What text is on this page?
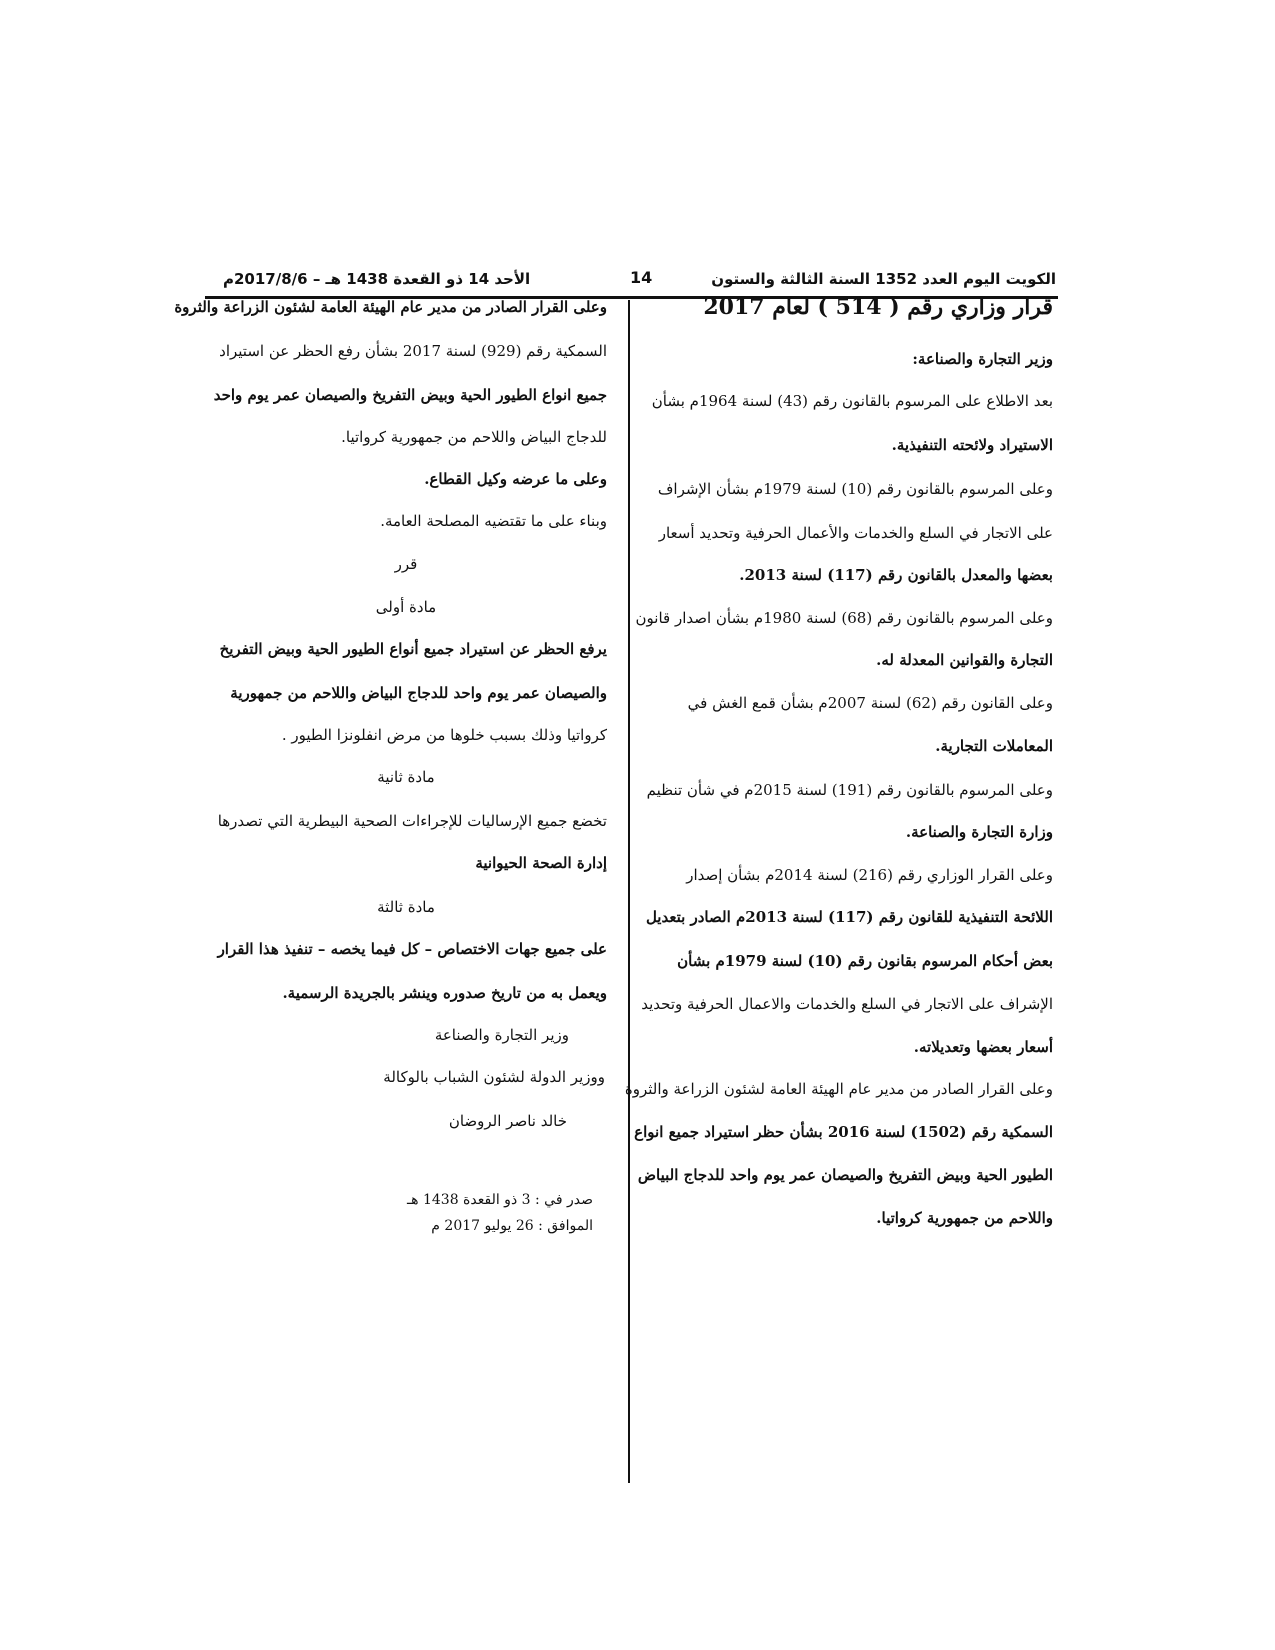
الكويت اليوم العدد 1352 السنة الثالثة والستون
14
الأحد 14 ذو القعدة 1438 هـ – 2017/8/6م

قرار وزاري رقم ( 514 ) لعام 2017

وزير التجارة والصناعة:

بعد الاطلاع على المرسوم بالقانون رقم (43) لسنة 1964م بشأن

الاستيراد ولائحته التنفيذية.

وعلى المرسوم بالقانون رقم (10) لسنة 1979م بشأن الإشراف

على الاتجار في السلع والخدمات والأعمال الحرفية وتحديد أسعار

بعضها والمعدل بالقانون رقم (117) لسنة 2013.

وعلى المرسوم بالقانون رقم (68) لسنة 1980م بشأن اصدار قانون

التجارة والقوانين المعدلة له.

وعلى القانون رقم (62) لسنة 2007م بشأن قمع الغش في

المعاملات التجارية.

وعلى المرسوم بالقانون رقم (191) لسنة 2015م في شأن تنظيم

وزارة التجارة والصناعة.

وعلى القرار الوزاري رقم (216) لسنة 2014م بشأن إصدار

اللائحة التنفيذية للقانون رقم (117) لسنة 2013م الصادر بتعديل

بعض أحكام المرسوم بقانون رقم (10) لسنة 1979م بشأن

الإشراف على الاتجار في السلع والخدمات والاعمال الحرفية وتحديد

أسعار بعضها وتعديلاته.

وعلى القرار الصادر من مدير عام الهيئة العامة لشئون الزراعة والثروة

السمكية رقم (1502) لسنة 2016 بشأن حظر استيراد جميع انواع

الطيور الحية وبيض التفريخ والصيصان عمر يوم واحد للدجاج البياض

واللاحم من جمهورية كرواتيا.

وعلى القرار الصادر من مدير عام الهيئة العامة لشئون الزراعة والثروة

السمكية رقم (929) لسنة 2017 بشأن رفع الحظر عن استيراد

جميع انواع الطيور الحية وبيض التفريخ والصيصان عمر يوم واحد

للدجاج البياض واللاحم من جمهورية كرواتيا.

وعلى ما عرضه وكيل القطاع.

وبناء على ما تقتضيه المصلحة العامة.

قرر

مادة أولى

يرفع الحظر عن استيراد جميع أنواع الطيور الحية وبيض التفريخ

والصيصان عمر يوم واحد للدجاج البياض واللاحم من جمهورية

كرواتيا وذلك بسبب خلوها من مرض انفلونزا الطيور .

مادة ثانية

تخضع جميع الإرساليات للإجراءات الصحية البيطرية التي تصدرها

إدارة الصحة الحيوانية

مادة ثالثة

على جميع جهات الاختصاص – كل فيما يخصه – تنفيذ هذا القرار

ويعمل به من تاريخ صدوره وينشر بالجريدة الرسمية.

وزير التجارة والصناعة

ووزير الدولة لشئون الشباب بالوكالة

خالد ناصر الروضان

صدر في : 3 ذو القعدة 1438 هـ

الموافق : 26 يوليو 2017 م
